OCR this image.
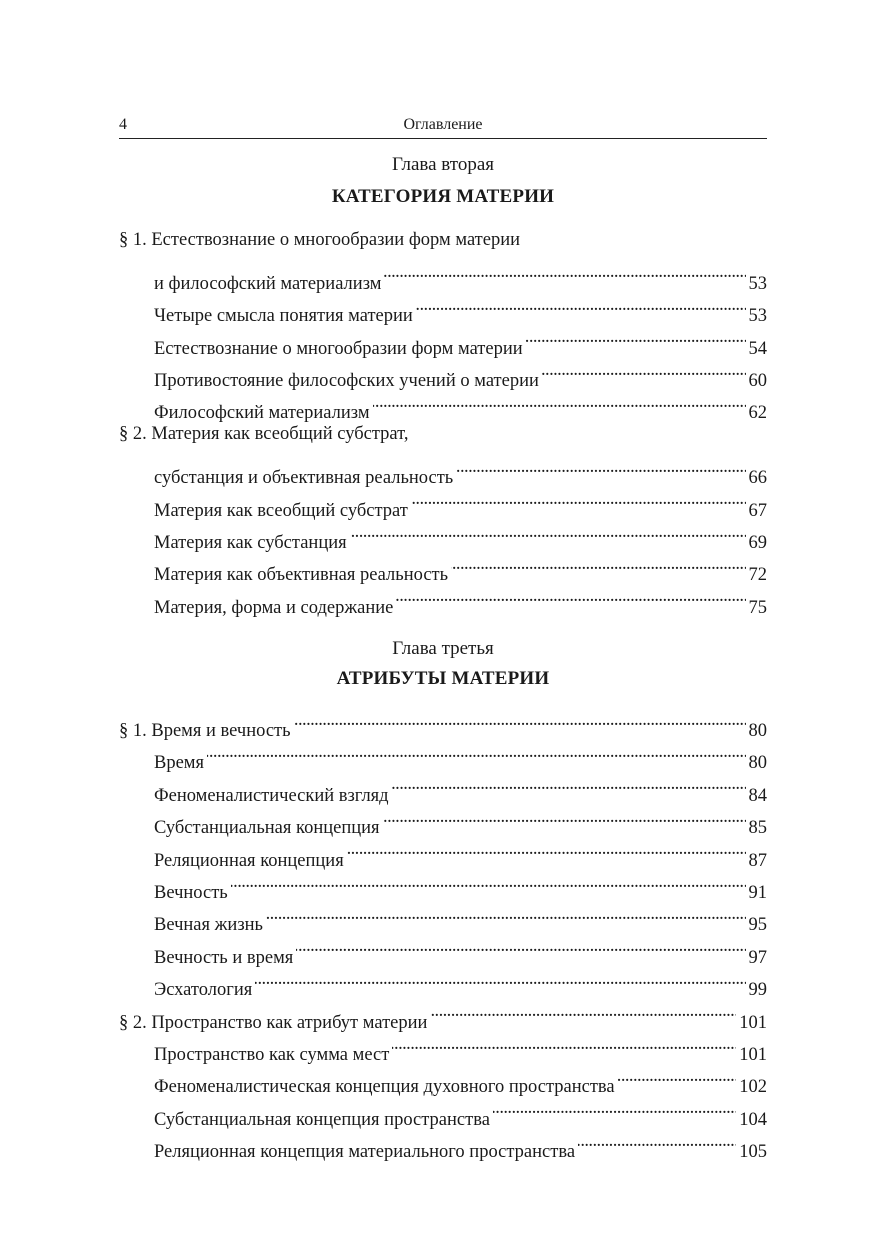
4	Оглавление
Глава вторая
КАТЕГОРИЯ МАТЕРИИ
§ 1. Естествознание о многообразии форм материи
и философский материализм . . .	53
Четыре смысла понятия материи . . .	53
Естествознание о многообразии форм материи . . .	54
Противостояние философских учений о материи . . .	60
Философский материализм . . .	62
§ 2. Материя как всеобщий субстрат,
субстанция и объективная реальность . . .	66
Материя как всеобщий субстрат . . .	67
Материя как субстанция . . .	69
Материя как объективная реальность . . .	72
Материя, форма и содержание . . .	75
Глава третья
АТРИБУТЫ МАТЕРИИ
§ 1. Время и вечность . . .	80
Время . . .	80
Феноменалистический взгляд . . .	84
Субстанциальная концепция . . .	85
Реляционная концепция . . .	87
Вечность . . .	91
Вечная жизнь . . .	95
Вечность и время . . .	97
Эсхатология . . .	99
§ 2. Пространство как атрибут материи . . .	101
Пространство как сумма мест . . .	101
Феноменалистическая концепция духовного пространства . . .	102
Субстанциальная концепция пространства . . .	104
Реляционная концепция материального пространства . . .	105
